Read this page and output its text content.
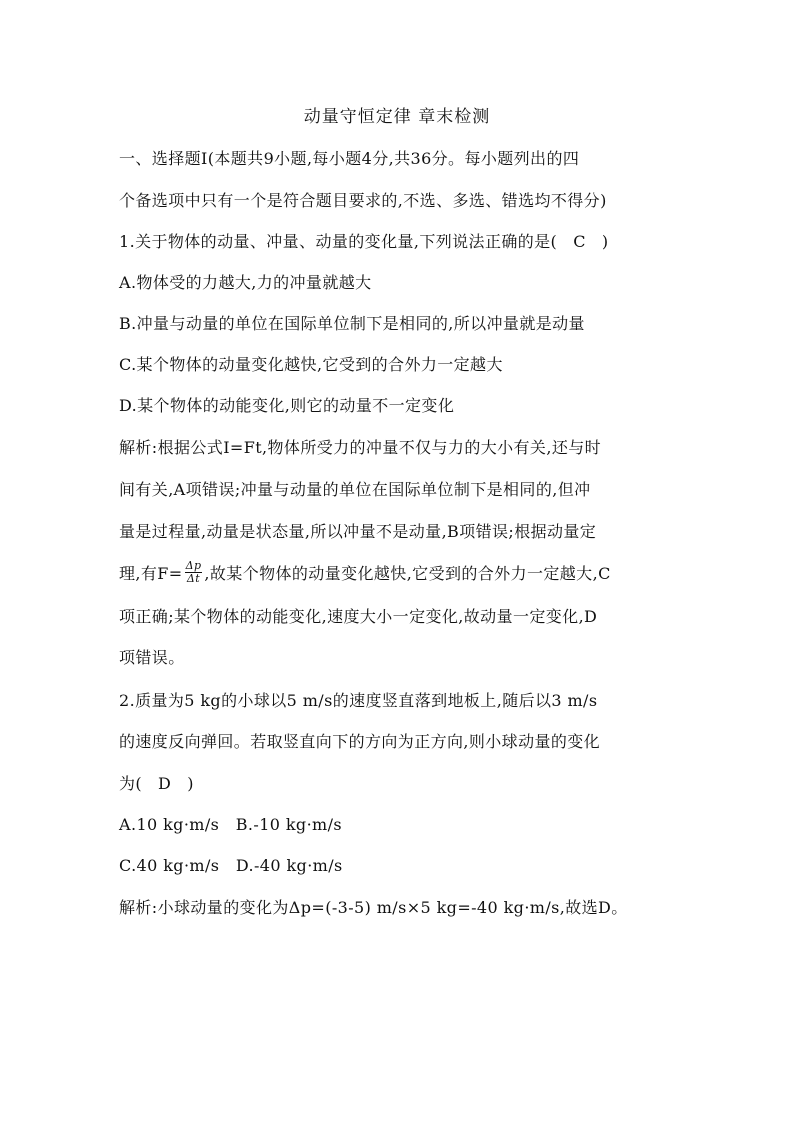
动量守恒定律 章末检测
一、选择题Ⅰ(本题共9小题,每小题4分,共36分。每小题列出的四
个备选项中只有一个是符合题目要求的,不选、多选、错选均不得分)
1.关于物体的动量、冲量、动量的变化量,下列说法正确的是( C )
A.物体受的力越大,力的冲量就越大
B.冲量与动量的单位在国际单位制下是相同的,所以冲量就是动量
C.某个物体的动量变化越快,它受到的合外力一定越大
D.某个物体的动能变化,则它的动量不一定变化
解析:根据公式I=Ft,物体所受力的冲量不仅与力的大小有关,还与时
间有关,A项错误;冲量与动量的单位在国际单位制下是相同的,但冲
量是过程量,动量是状态量,所以冲量不是动量,B项错误;根据动量定
理,有$F= \frac{\Delta p}{\Delta t}$ ,故某个物体的动量变化越快,它受到的合外力一定越大,C
项正确;某个物体的动能变化,速度大小一定变化,故动量一定变化,D
项错误。
2.质量为5 kg的小球以5 m/s的速度竖直落到地板上,随后以3 m/s
的速度反向弹回。若取竖直向下的方向为正方向,则小球动量的变化
为( D )
A.10 kg·m/s   B.-10 kg·m/s
C.40 kg·m/s   D.-40 kg·m/s
解析:小球动量的变化为Δp=(-3-5) m/s×5 kg=-40 kg·m/s,故选D。
